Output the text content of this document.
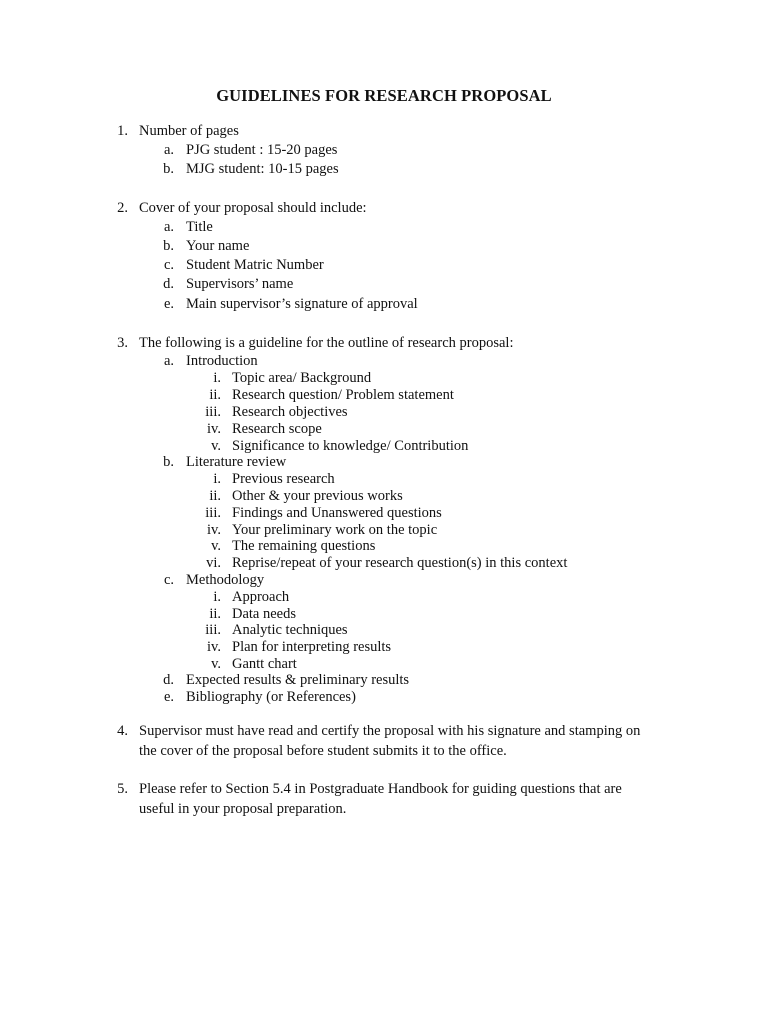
GUIDELINES FOR RESEARCH PROPOSAL
1. Number of pages
a. PJG student : 15-20 pages
b. MJG student: 10-15 pages
2. Cover of your proposal should include:
a. Title
b. Your name
c. Student Matric Number
d. Supervisors’ name
e. Main supervisor’s signature of approval
3. The following is a guideline for the outline of research proposal:
a. Introduction
i. Topic area/ Background
ii. Research question/ Problem statement
iii. Research objectives
iv. Research scope
v. Significance to knowledge/ Contribution
b. Literature review
i. Previous research
ii. Other & your previous works
iii. Findings and Unanswered questions
iv. Your preliminary work on the topic
v. The remaining questions
vi. Reprise/repeat of your research question(s) in this context
c. Methodology
i. Approach
ii. Data needs
iii. Analytic techniques
iv. Plan for interpreting results
v. Gantt chart
d. Expected results & preliminary results
e. Bibliography (or References)
4. Supervisor must have read and certify the proposal with his signature and stamping on
the cover of the proposal before student submits it to the office.
5. Please refer to Section 5.4 in Postgraduate Handbook for guiding questions that are
useful in your proposal preparation.
